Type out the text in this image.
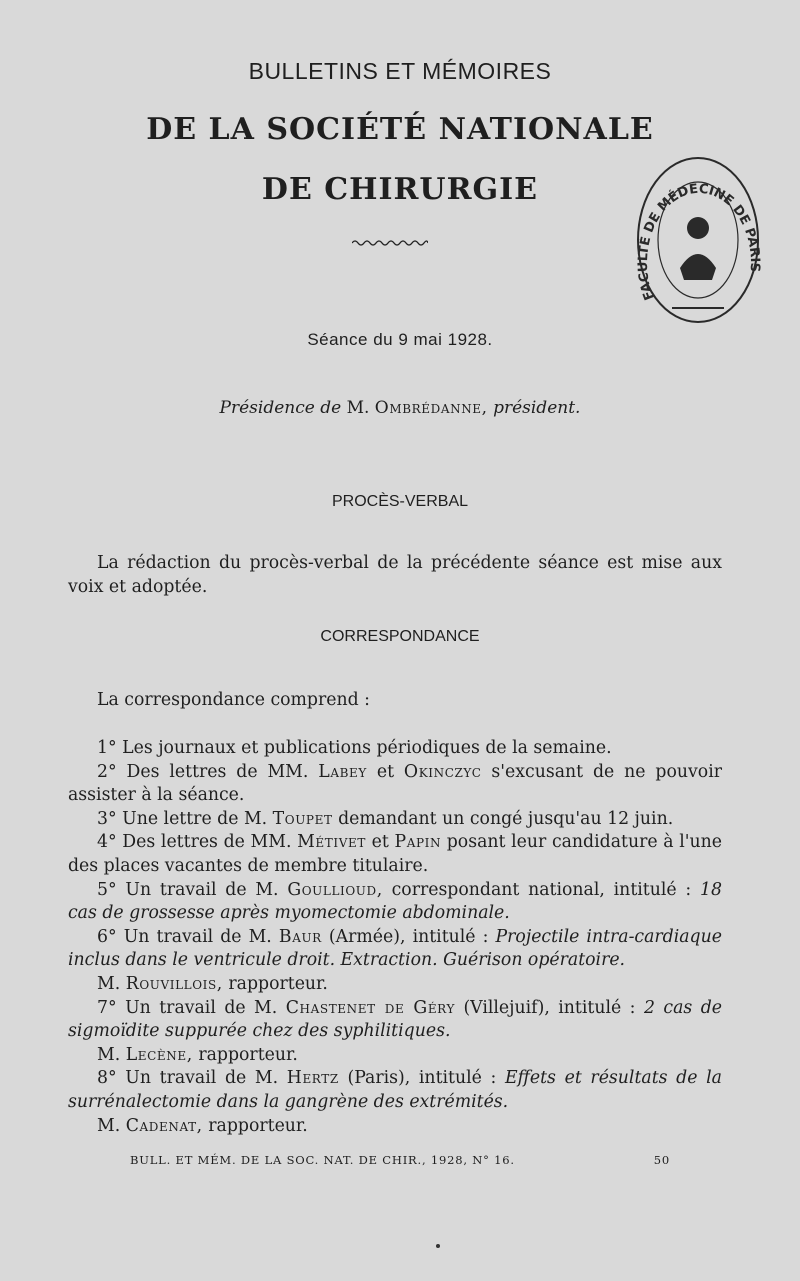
BULLETINS ET MÉMOIRES
DE LA SOCIÉTÉ NATIONALE
DE CHIRURGIE
FACULTÉ DE MÉDECINE DE PARIS
Séance du 9 mai 1928.
Présidence de M. Ombrédanne, président.
PROCÈS-VERBAL
La rédaction du procès-verbal de la précédente séance est mise aux voix et adoptée.
CORRESPONDANCE
La correspondance comprend :

1° Les journaux et publications périodiques de la semaine.

2° Des lettres de MM. Labey et Okinczyc s'excusant de ne pouvoir assister à la séance.

3° Une lettre de M. Toupet demandant un congé jusqu'au 12 juin.

4° Des lettres de MM. Métivet et Papin posant leur candidature à l'une des places vacantes de membre titulaire.

5° Un travail de M. Goullioud, correspondant national, intitulé : 18 cas de grossesse après myomectomie abdominale.

6° Un travail de M. Baur (Armée), intitulé : Projectile intra-cardiaque inclus dans le ventricule droit. Extraction. Guérison opératoire.

M. Rouvillois, rapporteur.

7° Un travail de M. Chastenet de Géry (Villejuif), intitulé : 2 cas de sigmoïdite suppurée chez des syphilitiques.

M. Lecène, rapporteur.

8° Un travail de M. Hertz (Paris), intitulé : Effets et résultats de la surrénalectomie dans la gangrène des extrémités.

M. Cadenat, rapporteur.

BULL. ET MÉM. DE LA SOC. NAT. DE CHIR., 1928, N° 16.	50
